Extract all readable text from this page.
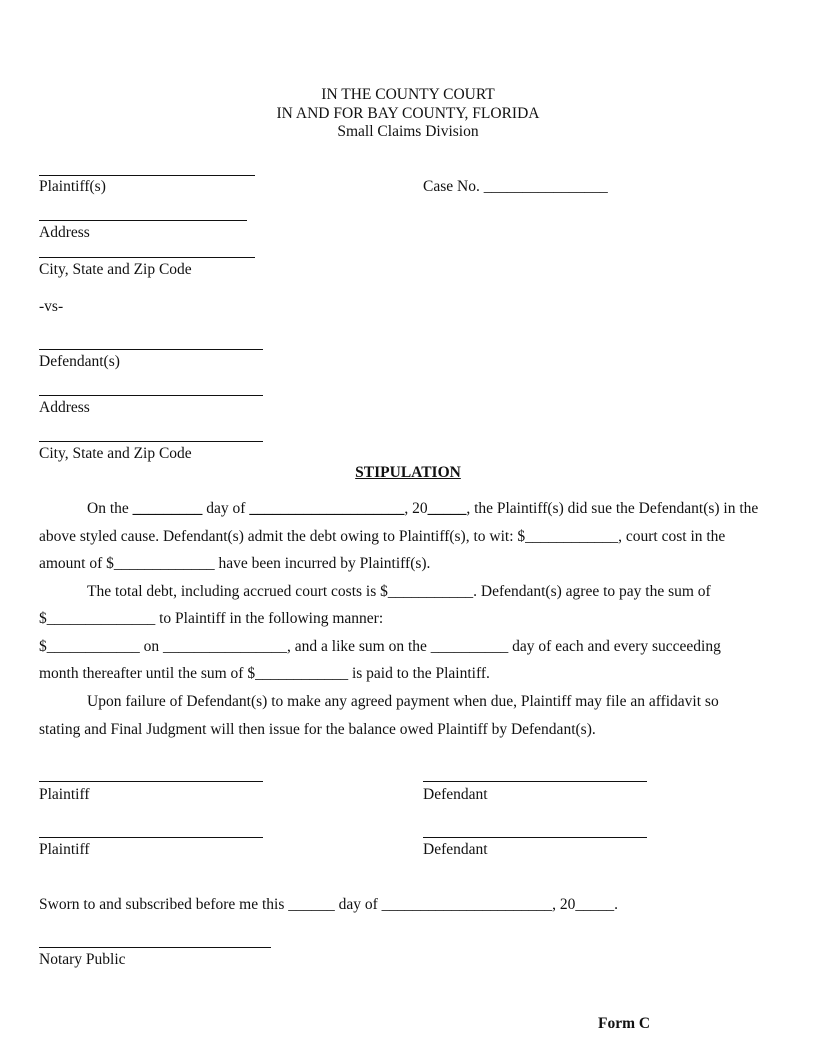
IN THE COUNTY COURT
IN AND FOR BAY COUNTY, FLORIDA
Small Claims Division
Plaintiff(s)	Case No. ________________
Address
City, State and Zip Code
-vs-
Defendant(s)
Address
City, State and Zip Code
STIPULATION
On the _________ day of ____________________, 20_____, the Plaintiff(s) did sue the Defendant(s) in the
above styled cause. Defendant(s) admit the debt owing to Plaintiff(s), to wit: $____________, court cost in the
amount of $_____________ have been incurred by Plaintiff(s).
The total debt, including accrued court costs is $___________. Defendant(s) agree to pay the sum of
$______________ to Plaintiff in the following manner:
$____________ on ________________, and a like sum on the __________ day of each and every succeeding
month thereafter until the sum of $____________ is paid to the Plaintiff.
Upon failure of Defendant(s) to make any agreed payment when due, Plaintiff may file an affidavit so
stating and Final Judgment will then issue for the balance owed Plaintiff by Defendant(s).
Plaintiff	Defendant
Plaintiff	Defendant
Sworn to and subscribed before me this ______ day of ______________________, 20_____.
Notary Public
Form C
